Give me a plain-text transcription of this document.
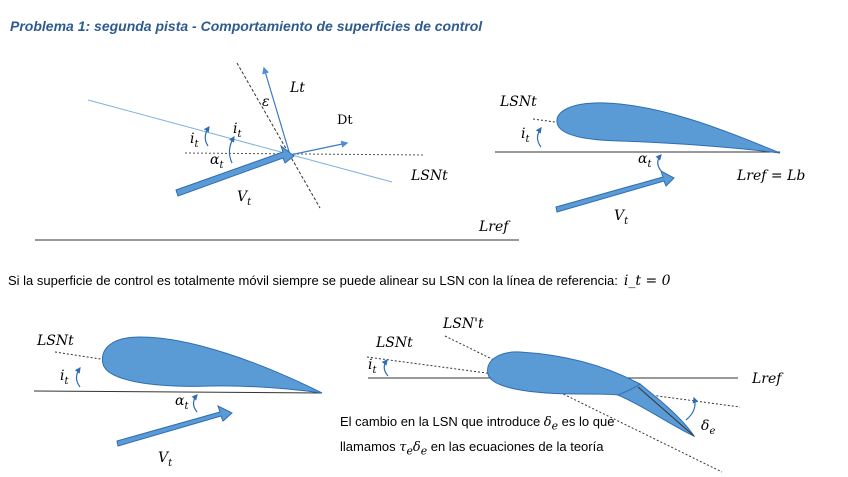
Problema 1: segunda pista - Comportamiento de superficies de control
Si la superficie de control es totalmente móvil siempre se puede alinear su LSN con la línea de referencia: i_t = 0
El cambio en la LSN que introduce $\delta_e$ es lo que
llamamos $\tau_e\delta_e$ en las ecuaciones de la teoría
Lt
ε
Dt
LSNt
$i_t$
$i_t$
$\alpha_t$
$V_t$
Lref
LSNt
$i_t$
$\alpha_t$
$V_t$
Lref = Lb
LSNt
$i_t$
$\alpha_t$
$V_t$
LSNt
LSN't
$i_t$
Lref
$\delta_e$
